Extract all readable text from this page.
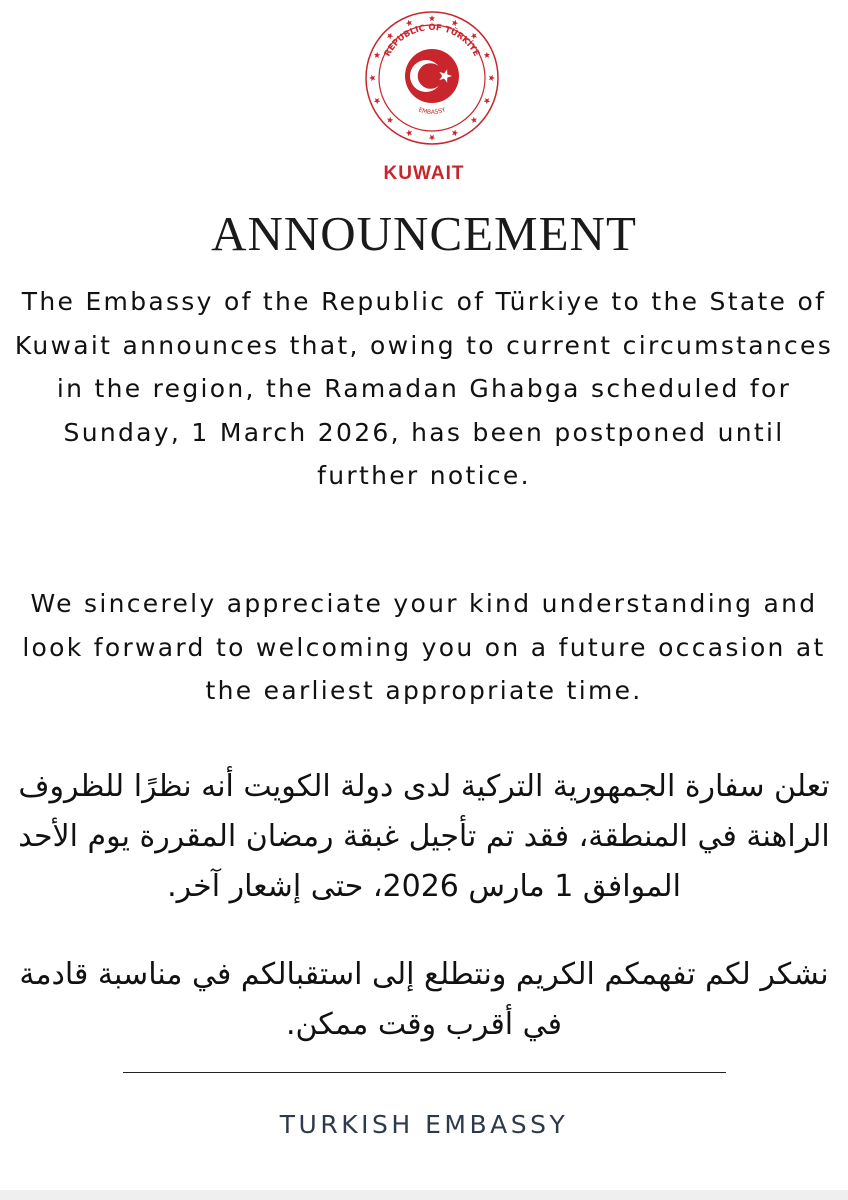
REPUBLIC OF TÜRKİYE
EMBASSY
KUWAIT
ANNOUNCEMENT

The Embassy of the Republic of Türkiye to the State of Kuwait announces that, owing to current circumstances in the region, the Ramadan Ghabga scheduled for Sunday, 1 March 2026, has been postponed until further notice.

We sincerely appreciate your kind understanding and look forward to welcoming you on a future occasion at the earliest appropriate time.

تعلن سفارة الجمهورية التركية لدى دولة الكويت أنه نظرًا للظروف الراهنة في المنطقة، فقد تم تأجيل غبقة رمضان المقررة يوم الأحد الموافق 1 مارس 2026، حتى إشعار آخر.

نشكر لكم تفهمكم الكريم ونتطلع إلى استقبالكم في مناسبة قادمة في أقرب وقت ممكن.

TURKISH EMBASSY
